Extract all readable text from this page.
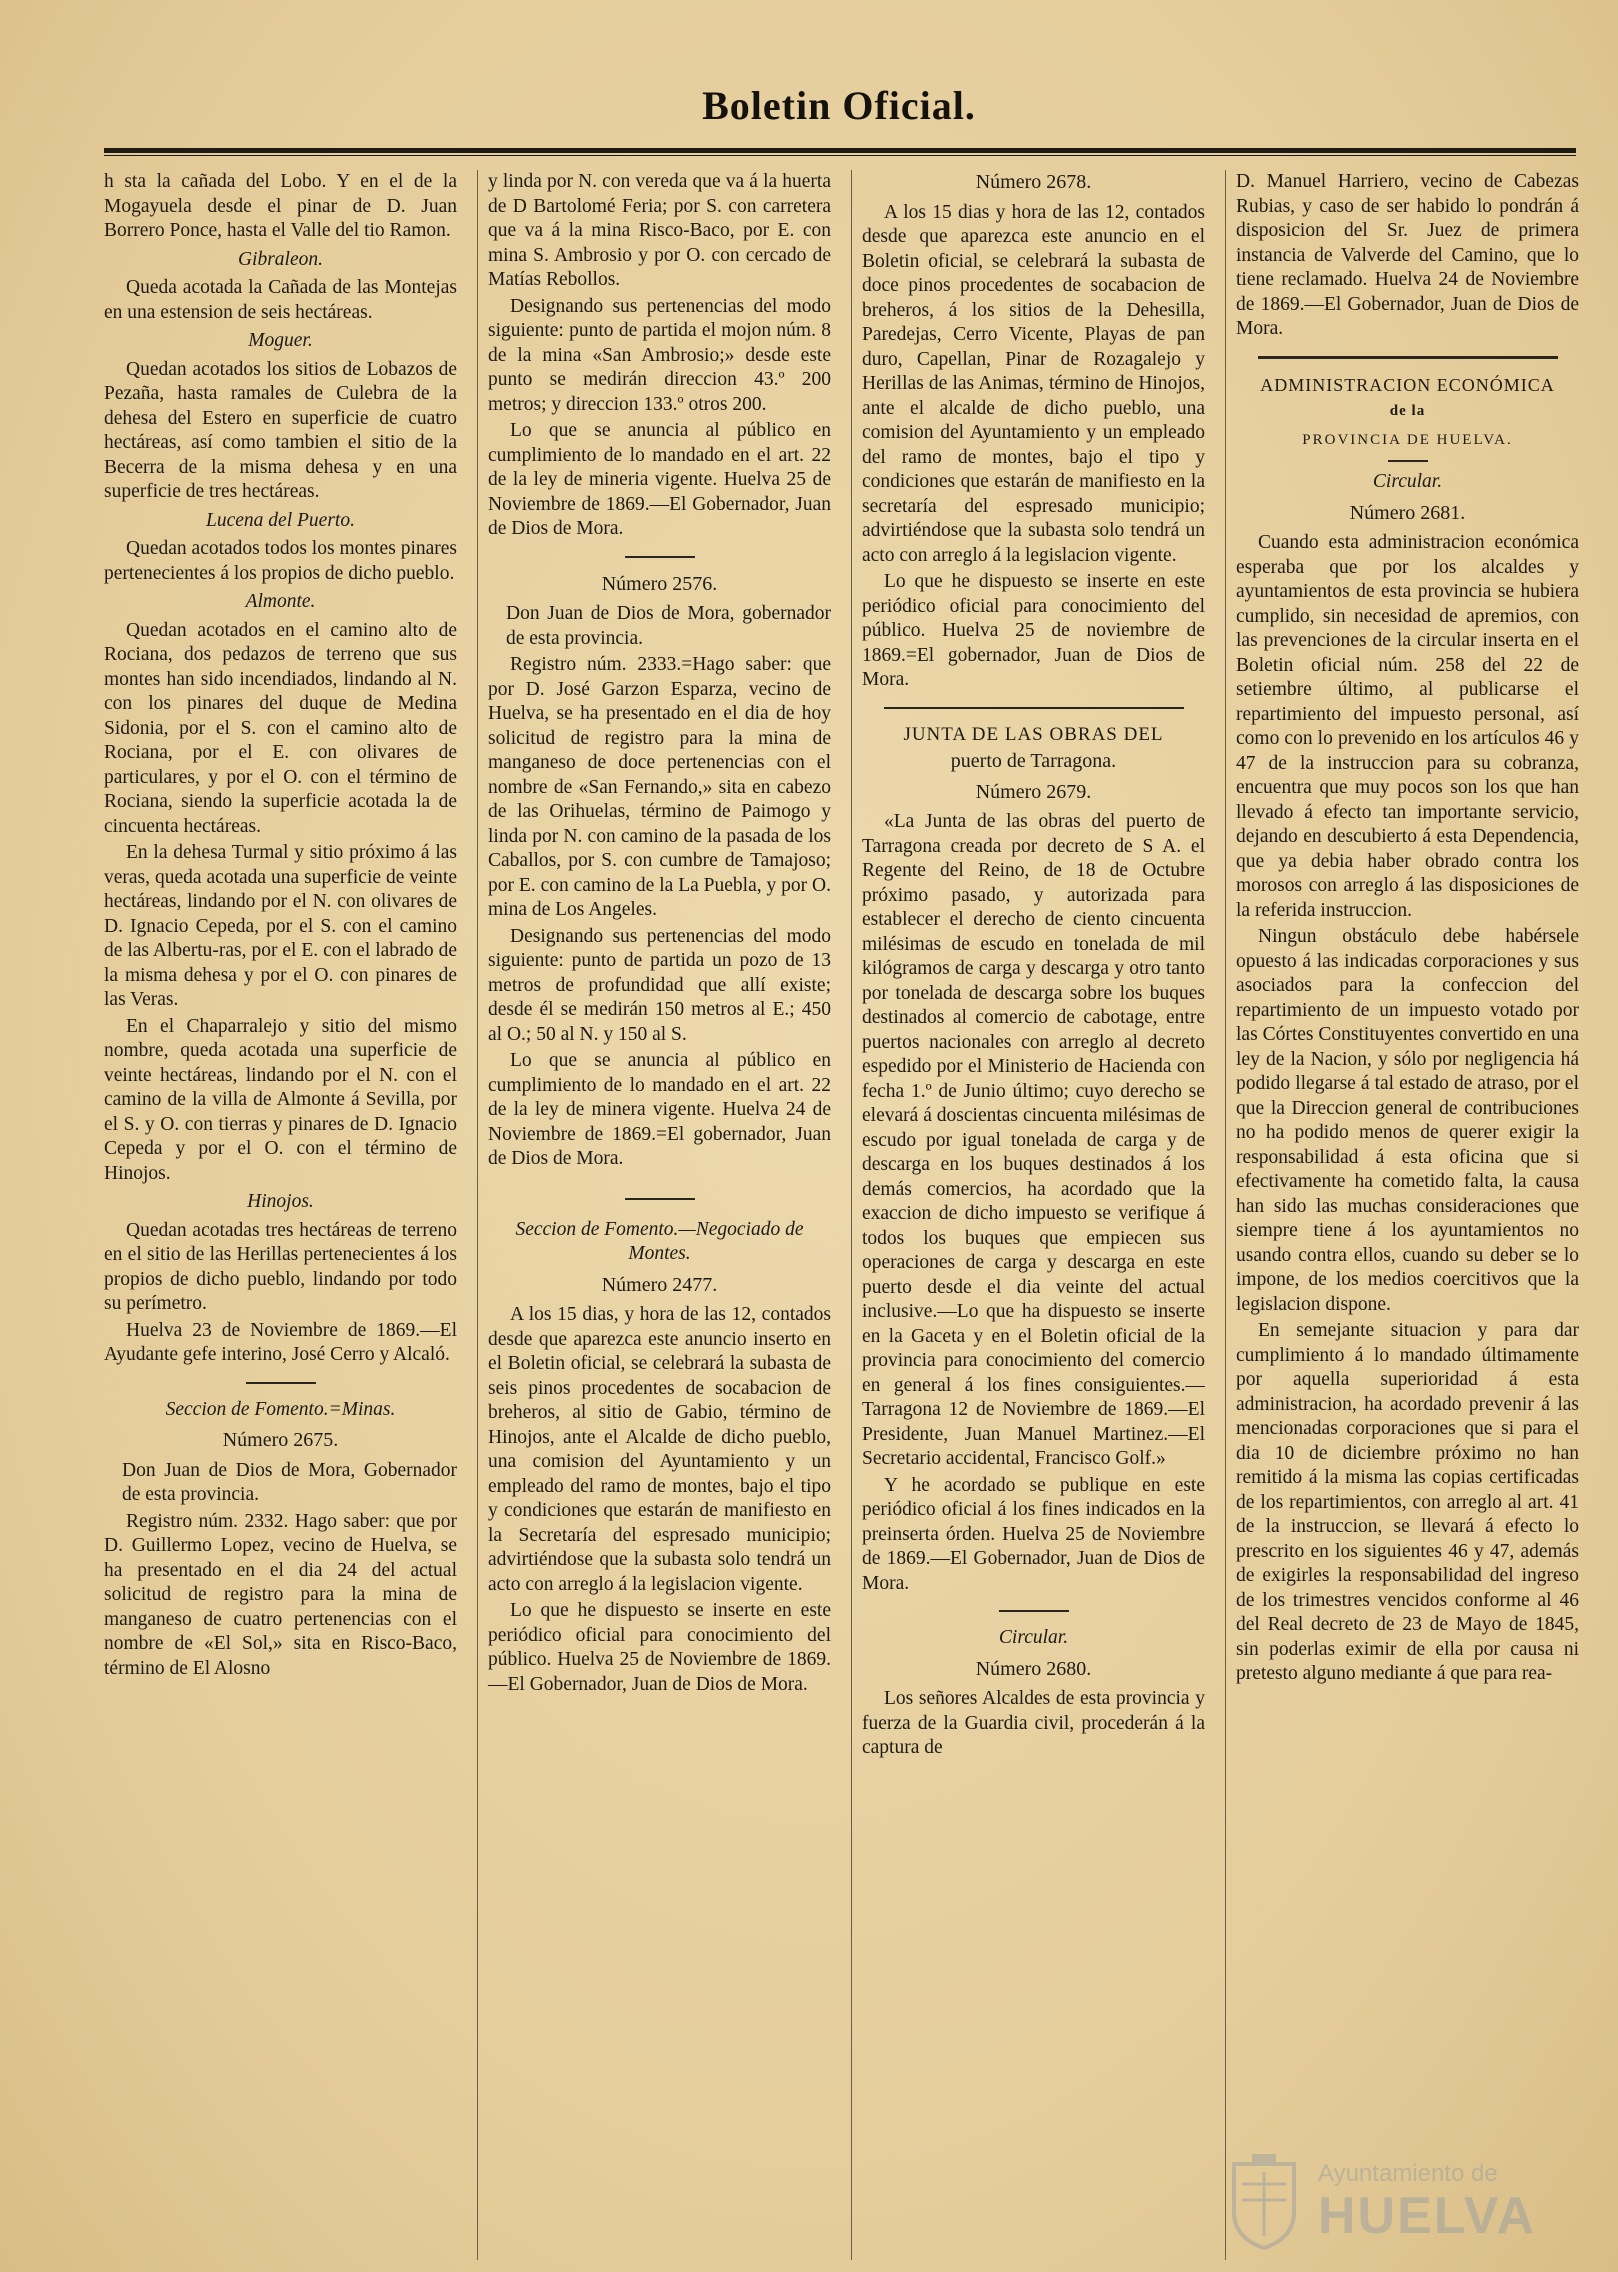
Boletin Oficial.

h sta la cañada del Lobo. Y en el de la Mogayuela desde el pinar de D. Juan Borrero Ponce, hasta el Valle del tio Ramon.

Gibraleon.

Queda acotada la Cañada de las Montejas en una estension de seis hectáreas.

Moguer.

Quedan acotados los sitios de Lobazos de Pezaña, hasta ramales de Culebra de la dehesa del Estero en superficie de cuatro hectáreas, así como tambien el sitio de la Becerra de la misma dehesa y en una superficie de tres hectáreas.

Lucena del Puerto.

Quedan acotados todos los montes pinares pertenecientes á los propios de dicho pueblo.

Almonte.

Quedan acotados en el camino alto de Rociana, dos pedazos de terreno que sus montes han sido incendiados, lindando al N. con los pinares del duque de Medina Sidonia, por el S. con el camino alto de Rociana, por el E. con olivares de particulares, y por el O. con el término de Rociana, siendo la superficie acotada la de cincuenta hectáreas.

En la dehesa Turmal y sitio próximo á las veras, queda acotada una superficie de veinte hectáreas, lindando por el N. con olivares de D. Ignacio Cepeda, por el S. con el camino de las Albertu-ras, por el E. con el labrado de la misma dehesa y por el O. con pinares de las Veras.

En el Chaparralejo y sitio del mismo nombre, queda acotada una superficie de veinte hectáreas, lindando por el N. con el camino de la villa de Almonte á Sevilla, por el S. y O. con tierras y pinares de D. Ignacio Cepeda y por el O. con el término de Hinojos.

Hinojos.

Quedan acotadas tres hectáreas de terreno en el sitio de las Herillas pertenecientes á los propios de dicho pueblo, lindando por todo su perímetro.

Huelva 23 de Noviembre de 1869.—El Ayudante gefe interino, José Cerro y Alcaló.

Seccion de Fomento.=Minas.
Número 2675.

Don Juan de Dios de Mora, Gobernador de esta provincia.

Registro núm. 2332. Hago saber: que por D. Guillermo Lopez, vecino de Huelva, se ha presentado en el dia 24 del actual solicitud de registro para la mina de manganeso de cuatro pertenencias con el nombre de «El Sol,» sita en Risco-Baco, término de El Alosno

y linda por N. con vereda que va á la huerta de D Bartolomé Feria; por S. con carretera que va á la mina Risco-Baco, por E. con mina S. Ambrosio y por O. con cercado de Matías Rebollos.

Designando sus pertenencias del modo siguiente: punto de partida el mojon núm. 8 de la mina «San Ambrosio;» desde este punto se medirán direccion 43.º 200 metros; y direccion 133.º otros 200.

Lo que se anuncia al público en cumplimiento de lo mandado en el art. 22 de la ley de mineria vigente. Huelva 25 de Noviembre de 1869.—El Gobernador, Juan de Dios de Mora.

Número 2576.

Don Juan de Dios de Mora, gobernador de esta provincia.

Registro núm. 2333.=Hago saber: que por D. José Garzon Esparza, vecino de Huelva, se ha presentado en el dia de hoy solicitud de registro para la mina de manganeso de doce pertenencias con el nombre de «San Fernando,» sita en cabezo de las Orihuelas, término de Paimogo y linda por N. con camino de la pasada de los Caballos, por S. con cumbre de Tamajoso; por E. con camino de la La Puebla, y por O. mina de Los Angeles.

Designando sus pertenencias del modo siguiente: punto de partida un pozo de 13 metros de profundidad que allí existe; desde él se medirán 150 metros al E.; 450 al O.; 50 al N. y 150 al S.

Lo que se anuncia al público en cumplimiento de lo mandado en el art. 22 de la ley de minera vigente. Huelva 24 de Noviembre de 1869.=El gobernador, Juan de Dios de Mora.

Seccion de Fomento.—Negociado de Montes.
Número 2477.

A los 15 dias, y hora de las 12, contados desde que aparezca este anuncio inserto en el Boletin oficial, se celebrará la subasta de seis pinos procedentes de socabacion de breheros, al sitio de Gabio, término de Hinojos, ante el Alcalde de dicho pueblo, una comision del Ayuntamiento y un empleado del ramo de montes, bajo el tipo y condiciones que estarán de manifiesto en la Secretaría del espresado municipio; advirtiéndose que la subasta solo tendrá un acto con arreglo á la legislacion vigente.

Lo que he dispuesto se inserte en este periódico oficial para conocimiento del público. Huelva 25 de Noviembre de 1869.—El Gobernador, Juan de Dios de Mora.

Número 2678.

A los 15 dias y hora de las 12, contados desde que aparezca este anuncio en el Boletin oficial, se celebrará la subasta de doce pinos procedentes de socabacion de breheros, á los sitios de la Dehesilla, Paredejas, Cerro Vicente, Playas de pan duro, Capellan, Pinar de Rozagalejo y Herillas de las Animas, término de Hinojos, ante el alcalde de dicho pueblo, una comision del Ayuntamiento y un empleado del ramo de montes, bajo el tipo y condiciones que estarán de manifiesto en la secretaría del espresado municipio; advirtiéndose que la subasta solo tendrá un acto con arreglo á la legislacion vigente.

Lo que he dispuesto se inserte en este periódico oficial para conocimiento del público. Huelva 25 de noviembre de 1869.=El gobernador, Juan de Dios de Mora.

JUNTA DE LAS OBRAS DEL
puerto de Tarragona.
Número 2679.

«La Junta de las obras del puerto de Tarragona creada por decreto de S A. el Regente del Reino, de 18 de Octubre próximo pasado, y autorizada para establecer el derecho de ciento cincuenta milésimas de escudo en tonelada de mil kilógramos de carga y descarga y otro tanto por tonelada de descarga sobre los buques destinados al comercio de cabotage, entre puertos nacionales con arreglo al decreto espedido por el Ministerio de Hacienda con fecha 1.º de Junio último; cuyo derecho se elevará á doscientas cincuenta milésimas de escudo por igual tonelada de carga y de descarga en los buques destinados á los demás comercios, ha acordado que la exaccion de dicho impuesto se verifique á todos los buques que empiecen sus operaciones de carga y descarga en este puerto desde el dia veinte del actual inclusive.—Lo que ha dispuesto se inserte en la Gaceta y en el Boletin oficial de la provincia para conocimiento del comercio en general á los fines consiguientes.—Tarragona 12 de Noviembre de 1869.—El Presidente, Juan Manuel Martinez.—El Secretario accidental, Francisco Golf.»

Y he acordado se publique en este periódico oficial á los fines indicados en la preinserta órden. Huelva 25 de Noviembre de 1869.—El Gobernador, Juan de Dios de Mora.

Circular.
Número 2680.

Los señores Alcaldes de esta provincia y fuerza de la Guardia civil, procederán á la captura de

D. Manuel Harriero, vecino de Cabezas Rubias, y caso de ser habido lo pondrán á disposicion del Sr. Juez de primera instancia de Valverde del Camino, que lo tiene reclamado. Huelva 24 de Noviembre de 1869.—El Gobernador, Juan de Dios de Mora.

ADMINISTRACION ECONÓMICA
de la
PROVINCIA DE HUELVA.
Circular.
Número 2681.

Cuando esta administracion económica esperaba que por los alcaldes y ayuntamientos de esta provincia se hubiera cumplido, sin necesidad de apremios, con las prevenciones de la circular inserta en el Boletin oficial núm. 258 del 22 de setiembre último, al publicarse el repartimiento del impuesto personal, así como con lo prevenido en los artículos 46 y 47 de la instruccion para su cobranza, encuentra que muy pocos son los que han llevado á efecto tan importante servicio, dejando en descubierto á esta Dependencia, que ya debia haber obrado contra los morosos con arreglo á las disposiciones de la referida instruccion.

Ningun obstáculo debe habérsele opuesto á las indicadas corporaciones y sus asociados para la confeccion del repartimiento de un impuesto votado por las Córtes Constituyentes convertido en una ley de la Nacion, y sólo por negligencia há podido llegarse á tal estado de atraso, por el que la Direccion general de contribuciones no ha podido menos de querer exigir la responsabilidad á esta oficina que si efectivamente ha cometido falta, la causa han sido las muchas consideraciones que siempre tiene á los ayuntamientos no usando contra ellos, cuando su deber se lo impone, de los medios coercitivos que la legislacion dispone.

En semejante situacion y para dar cumplimiento á lo mandado últimamente por aquella superioridad á esta administracion, ha acordado prevenir á las mencionadas corporaciones que si para el dia 10 de diciembre próximo no han remitido á la misma las copias certificadas de los repartimientos, con arreglo al art. 41 de la instruccion, se llevará á efecto lo prescrito en los siguientes 46 y 47, además de exigirles la responsabilidad del ingreso de los trimestres vencidos conforme al 46 del Real decreto de 23 de Mayo de 1845, sin poderlas eximir de ella por causa ni pretesto alguno mediante á que para rea-

Ayuntamiento de
HUELVA
